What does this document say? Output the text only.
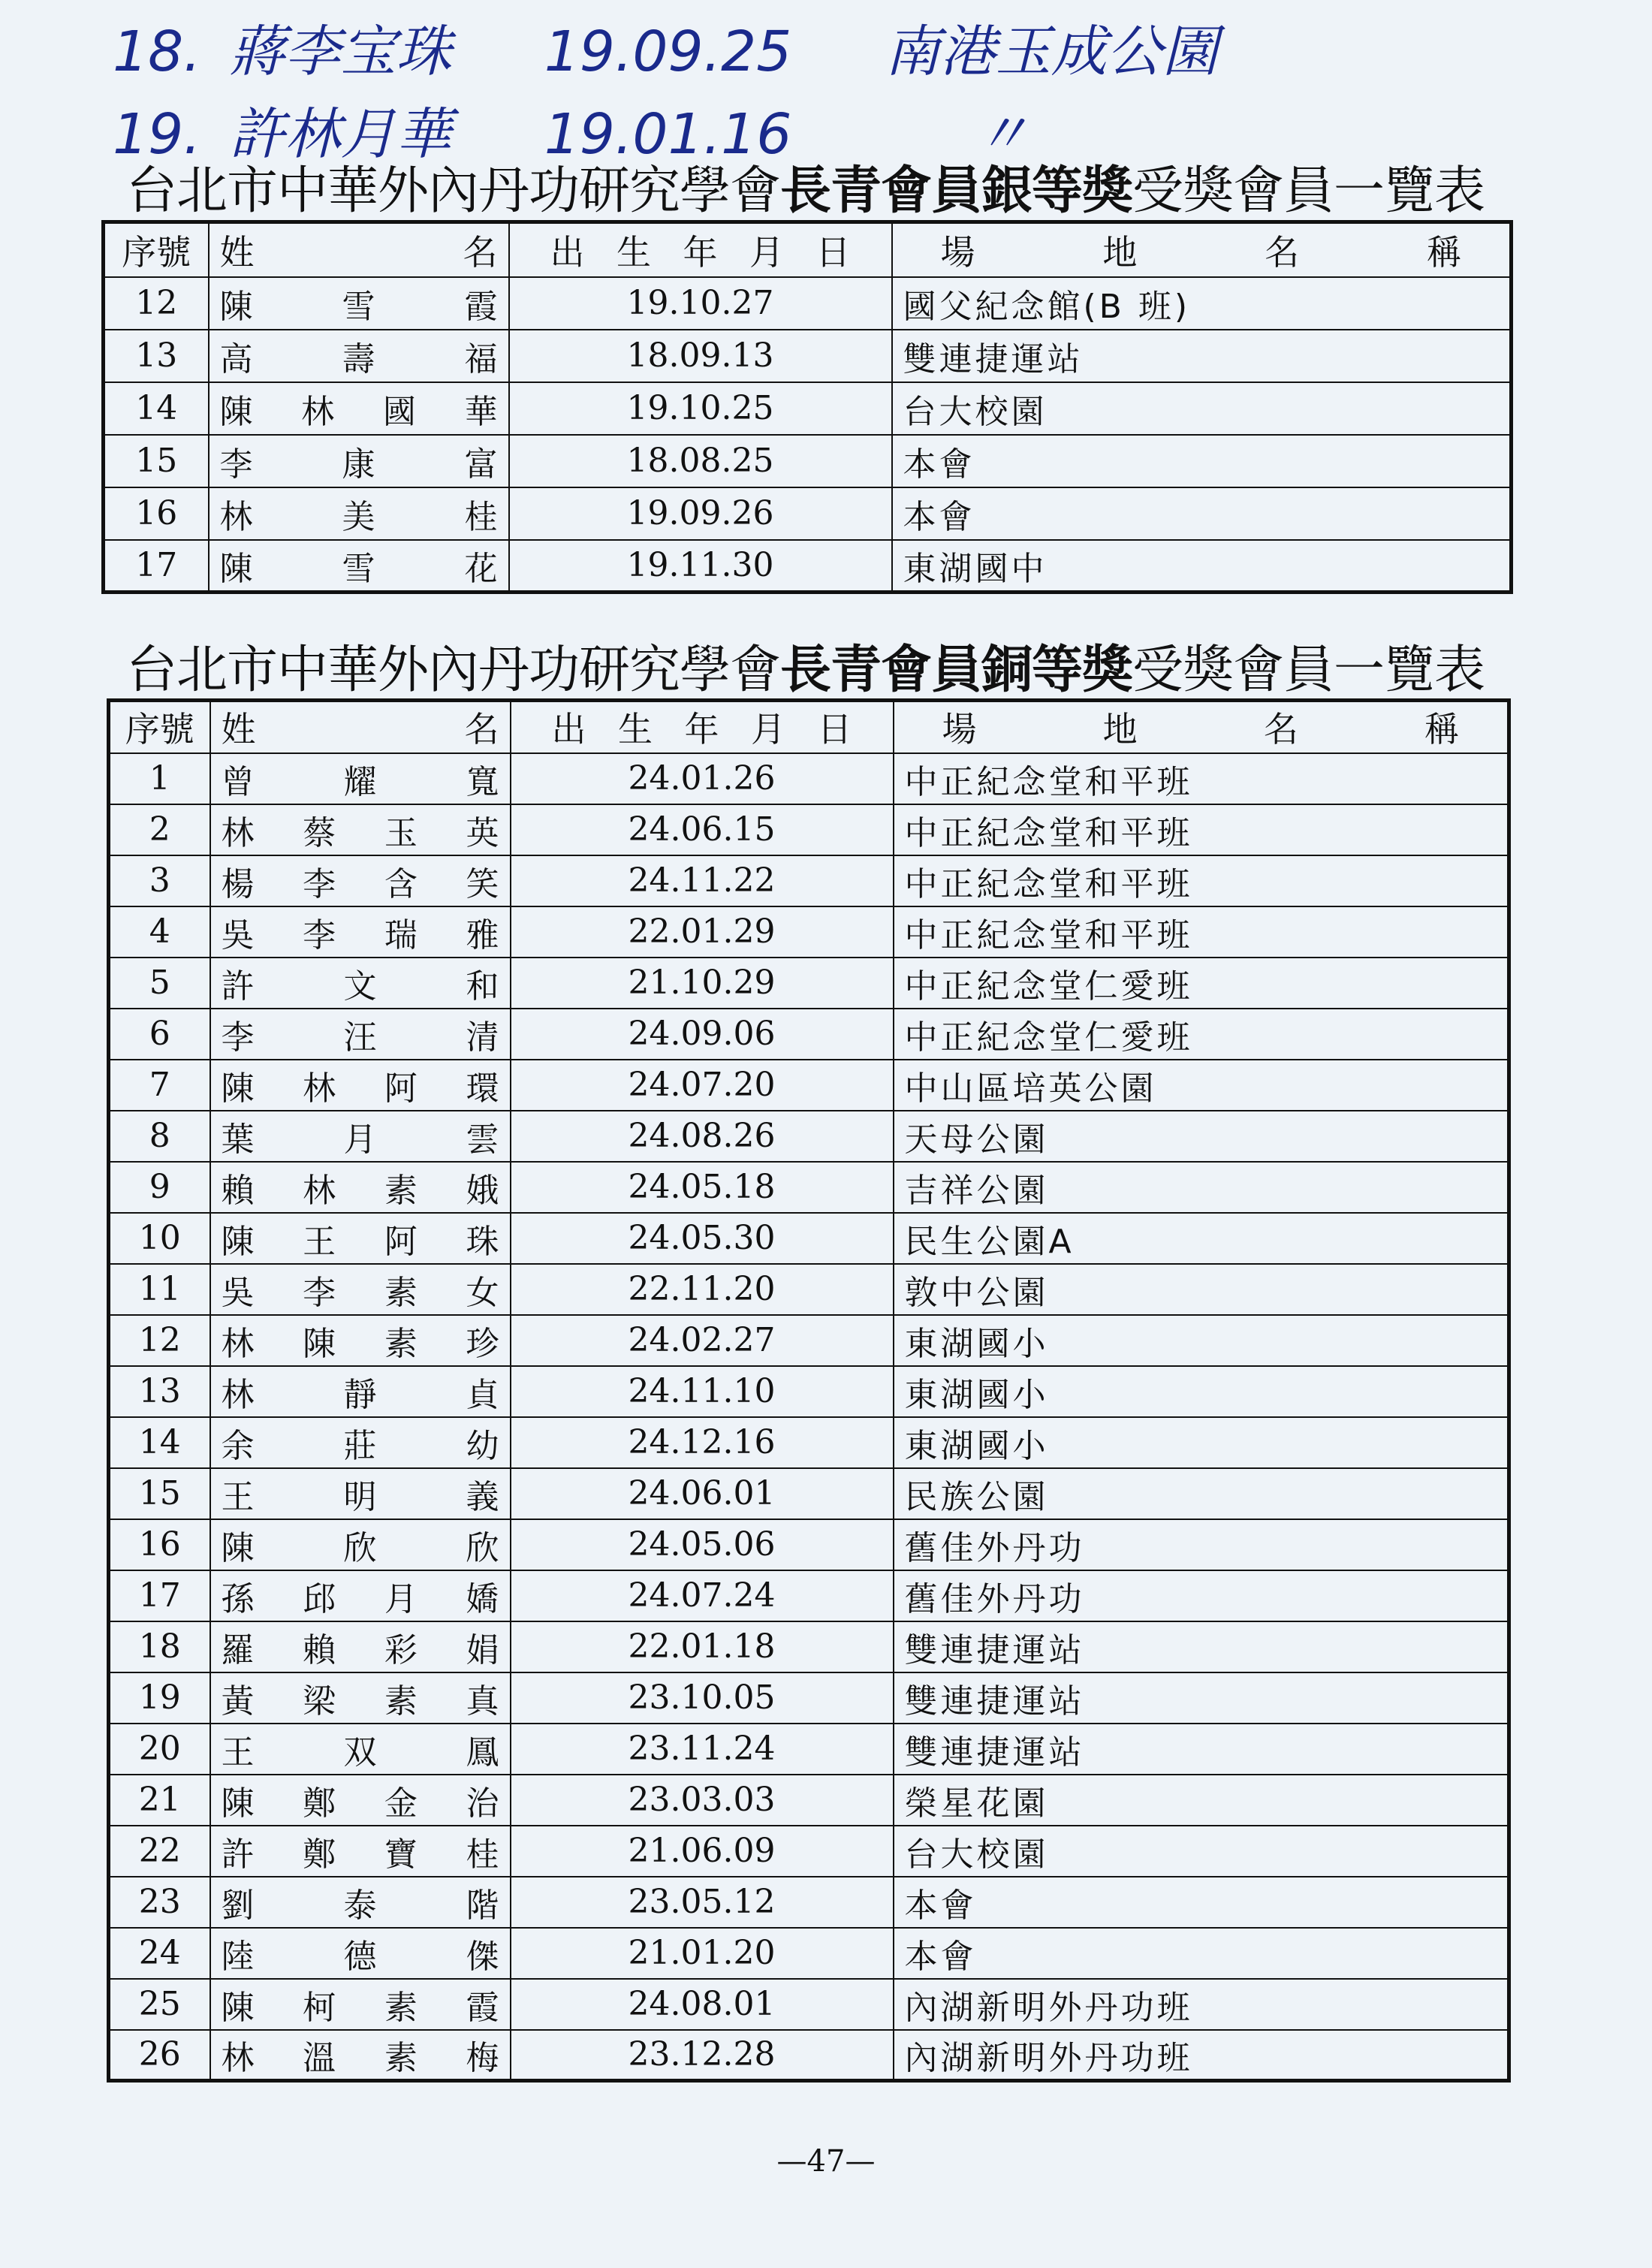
18. 蔣李宝珠 19.09.25 南港玉成公園
19. 許林月華 19.01.16	〃
台北市中華外內丹功研究學會長青會員銀等獎受獎會員一覽表
序號	姓 名	出 生 年 月 日	場 地 名 稱

12	陳 雪 霞	19.10.27	國父紀念館(B 班)
13	高 壽 福	18.09.13	雙連捷運站
14	陳 林 國 華	19.10.25	台大校園
15	李 康 富	18.08.25	本會
16	林 美 桂	19.09.26	本會
17	陳 雪 花	19.11.30	東湖國中
台北市中華外內丹功研究學會長青會員銅等獎受獎會員一覽表
序號	姓 名	出 生 年 月 日	場 地 名 稱

1	曾 耀 寬	24.01.26	中正紀念堂和平班
2	林 蔡 玉 英	24.06.15	中正紀念堂和平班
3	楊 李 含 笑	24.11.22	中正紀念堂和平班
4	吳 李 瑞 雅	22.01.29	中正紀念堂和平班
5	許 文 和	21.10.29	中正紀念堂仁愛班
6	李 汪 清	24.09.06	中正紀念堂仁愛班
7	陳 林 阿 環	24.07.20	中山區培英公園
8	葉 月 雲	24.08.26	天母公園
9	賴 林 素 娥	24.05.18	吉祥公園
10	陳 王 阿 珠	24.05.30	民生公園A
11	吳 李 素 女	22.11.20	敦中公園
12	林 陳 素 珍	24.02.27	東湖國小
13	林 靜 貞	24.11.10	東湖國小
14	余 莊 幼	24.12.16	東湖國小
15	王 明 義	24.06.01	民族公園
16	陳 欣 欣	24.05.06	舊佳外丹功
17	孫 邱 月 嬌	24.07.24	舊佳外丹功
18	羅 賴 彩 娟	22.01.18	雙連捷運站
19	黃 梁 素 真	23.10.05	雙連捷運站
20	王 双 鳳	23.11.24	雙連捷運站
21	陳 鄭 金 治	23.03.03	榮星花園
22	許 鄭 寶 桂	21.06.09	台大校園
23	劉 泰 階	23.05.12	本會
24	陸 德 傑	21.01.20	本會
25	陳 柯 素 霞	24.08.01	內湖新明外丹功班
26	林 溫 素 梅	23.12.28	內湖新明外丹功班
—47—
